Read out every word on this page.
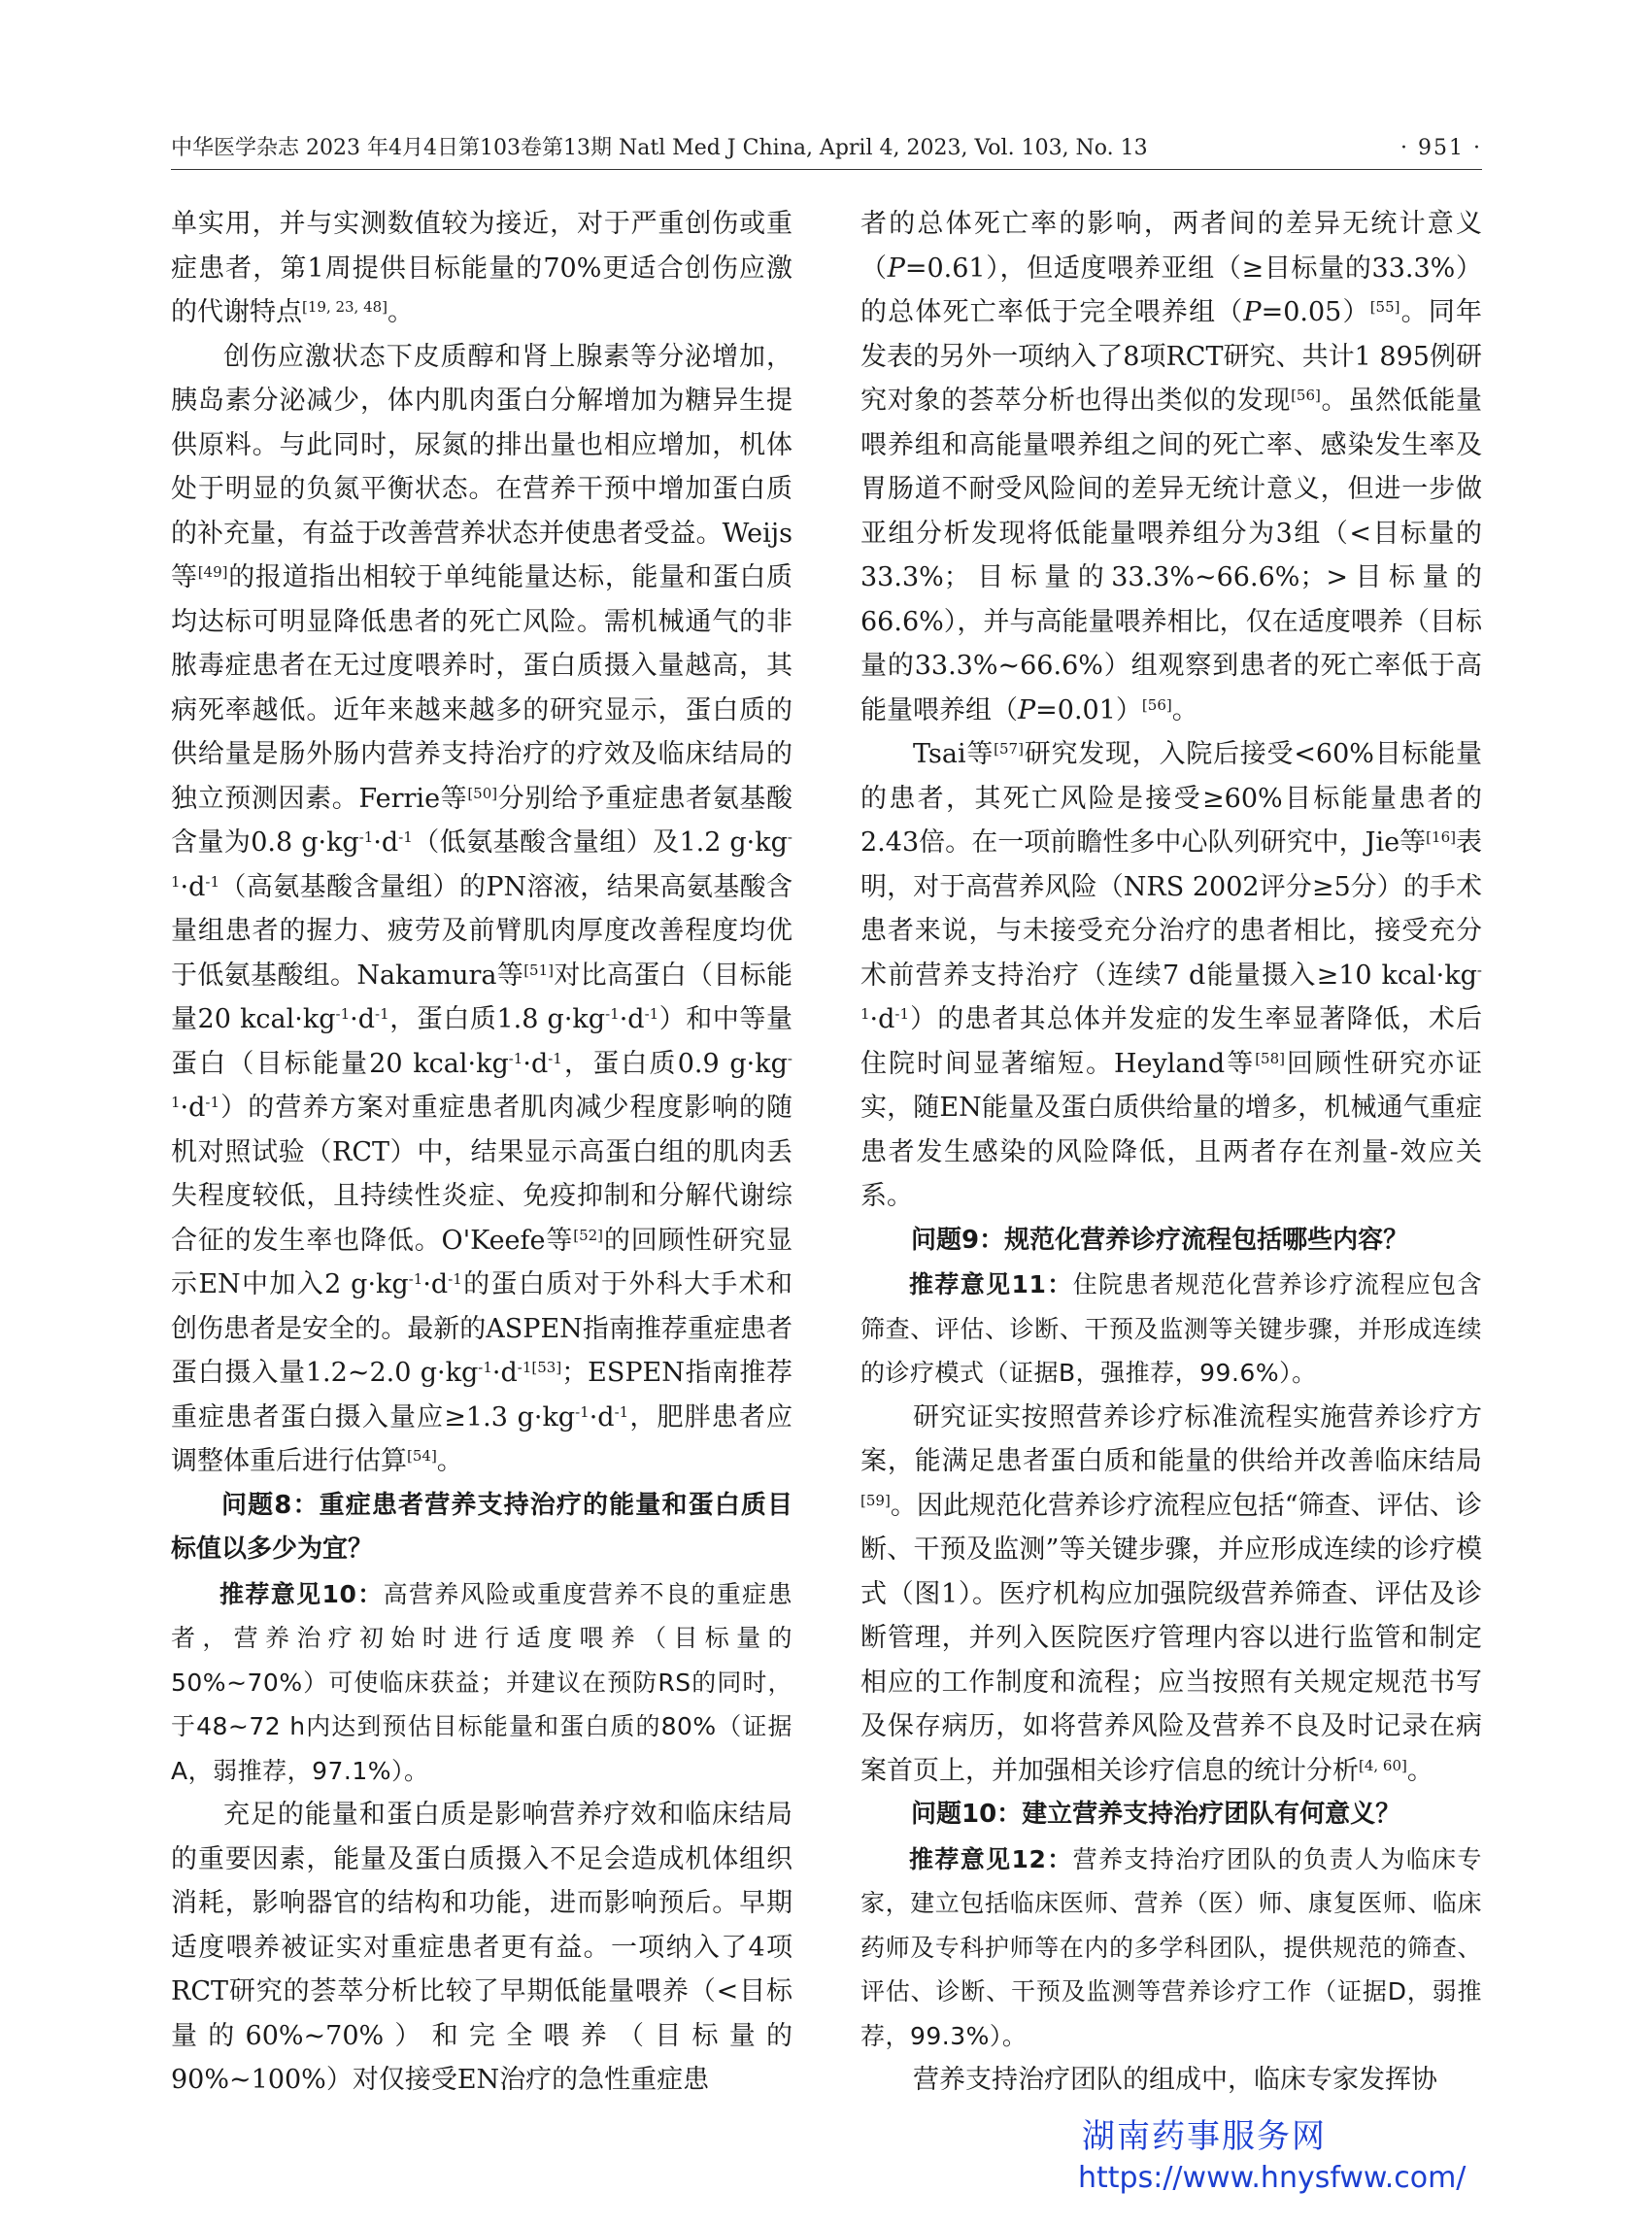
中华医学杂志 2023 年4月4日第103卷第13期 Natl Med J China, April 4, 2023, Vol. 103, No. 13	· 951 ·

单实用，并与实测数值较为接近，对于严重创伤或重症患者，第1周提供目标能量的70%更适合创伤应激的代谢特点[19, 23, 48]。

创伤应激状态下皮质醇和肾上腺素等分泌增加，胰岛素分泌减少，体内肌肉蛋白分解增加为糖异生提供原料。与此同时，尿氮的排出量也相应增加，机体处于明显的负氮平衡状态。在营养干预中增加蛋白质的补充量，有益于改善营养状态并使患者受益。Weijs等[49]的报道指出相较于单纯能量达标，能量和蛋白质均达标可明显降低患者的死亡风险。需机械通气的非脓毒症患者在无过度喂养时，蛋白质摄入量越高，其病死率越低。近年来越来越多的研究显示，蛋白质的供给量是肠外肠内营养支持治疗的疗效及临床结局的独立预测因素。Ferrie等[50]分别给予重症患者氨基酸含量为0.8 $g\cdot kg^{-1}\cdot d^{-1}$（低氨基酸含量组）及1.2 $g\cdot kg^{-1}\cdot d^{-1}$（高氨基酸含量组）的PN溶液，结果高氨基酸含量组患者的握力、疲劳及前臂肌肉厚度改善程度均优于低氨基酸组。Nakamura等[51]对比高蛋白（目标能量20 $kcal\cdot kg^{-1}\cdot d^{-1}$，蛋白质1.8 $g\cdot kg^{-1}\cdot d^{-1}$）和中等量蛋白（目标能量20 $kcal\cdot kg^{-1}\cdot d^{-1}$，蛋白质0.9 $g\cdot kg^{-1}\cdot d^{-1}$）的营养方案对重症患者肌肉减少程度影响的随机对照试验（RCT）中，结果显示高蛋白组的肌肉丢失程度较低，且持续性炎症、免疫抑制和分解代谢综合征的发生率也降低。O'Keefe等[52]的回顾性研究显示EN中加入2 $g\cdot kg^{-1}\cdot d^{-1}$的蛋白质对于外科大手术和创伤患者是安全的。最新的ASPEN指南推荐重症患者蛋白摄入量1.2~2.0 $g\cdot kg^{-1}\cdot d^{-1[53]}$；ESPEN指南推荐重症患者蛋白摄入量应≥1.3 $g\cdot kg^{-1}\cdot d^{-1}$，肥胖患者应调整体重后进行估算[54]。

问题8：重症患者营养支持治疗的能量和蛋白质目标值以多少为宜？

推荐意见10：高营养风险或重度营养不良的重症患者，营养治疗初始时进行适度喂养（目标量的50%~70%）可使临床获益；并建议在预防RS的同时，于48~72 h内达到预估目标能量和蛋白质的80%（证据A，弱推荐，97.1%）。

充足的能量和蛋白质是影响营养疗效和临床结局的重要因素，能量及蛋白质摄入不足会造成机体组织消耗，影响器官的结构和功能，进而影响预后。早期适度喂养被证实对重症患者更有益。一项纳入了4项RCT研究的荟萃分析比较了早期低能量喂养（<目标量的60%~70%）和完全喂养（目标量的90%~100%）对仅接受EN治疗的急性重症患

者的总体死亡率的影响，两者间的差异无统计意义（P=0.61），但适度喂养亚组（≥目标量的33.3%）的总体死亡率低于完全喂养组（P=0.05）[55]。同年发表的另外一项纳入了8项RCT研究、共计1 895例研究对象的荟萃分析也得出类似的发现[56]。虽然低能量喂养组和高能量喂养组之间的死亡率、感染发生率及胃肠道不耐受风险间的差异无统计意义，但进一步做亚组分析发现将低能量喂养组分为3组（<目标量的33.3%；目标量的33.3%~66.6%；>目标量的66.6%），并与高能量喂养相比，仅在适度喂养（目标量的33.3%~66.6%）组观察到患者的死亡率低于高能量喂养组（P=0.01）[56]。

Tsai等[57]研究发现，入院后接受<60%目标能量的患者，其死亡风险是接受≥60%目标能量患者的2.43倍。在一项前瞻性多中心队列研究中，Jie等[16]表明，对于高营养风险（NRS 2002评分≥5分）的手术患者来说，与未接受充分治疗的患者相比，接受充分术前营养支持治疗（连续7 d能量摄入≥10 $kcal\cdot kg^{-1}\cdot d^{-1}$）的患者其总体并发症的发生率显著降低，术后住院时间显著缩短。Heyland等[58]回顾性研究亦证实，随EN能量及蛋白质供给量的增多，机械通气重症患者发生感染的风险降低，且两者存在剂量-效应关系。

问题9：规范化营养诊疗流程包括哪些内容？

推荐意见11：住院患者规范化营养诊疗流程应包含筛查、评估、诊断、干预及监测等关键步骤，并形成连续的诊疗模式（证据B，强推荐，99.6%）。

研究证实按照营养诊疗标准流程实施营养诊疗方案，能满足患者蛋白质和能量的供给并改善临床结局[59]。因此规范化营养诊疗流程应包括“筛查、评估、诊断、干预及监测”等关键步骤，并应形成连续的诊疗模式（图1）。医疗机构应加强院级营养筛查、评估及诊断管理，并列入医院医疗管理内容以进行监管和制定相应的工作制度和流程；应当按照有关规定规范书写及保存病历，如将营养风险及营养不良及时记录在病案首页上，并加强相关诊疗信息的统计分析[4, 60]。

问题10：建立营养支持治疗团队有何意义？

推荐意见12：营养支持治疗团队的负责人为临床专家，建立包括临床医师、营养（医）师、康复医师、临床药师及专科护师等在内的多学科团队，提供规范的筛查、评估、诊断、干预及监测等营养诊疗工作（证据D，弱推荐，99.3%）。

营养支持治疗团队的组成中，临床专家发挥协

湖南药事服务网
https://www.hnysfww.com/
